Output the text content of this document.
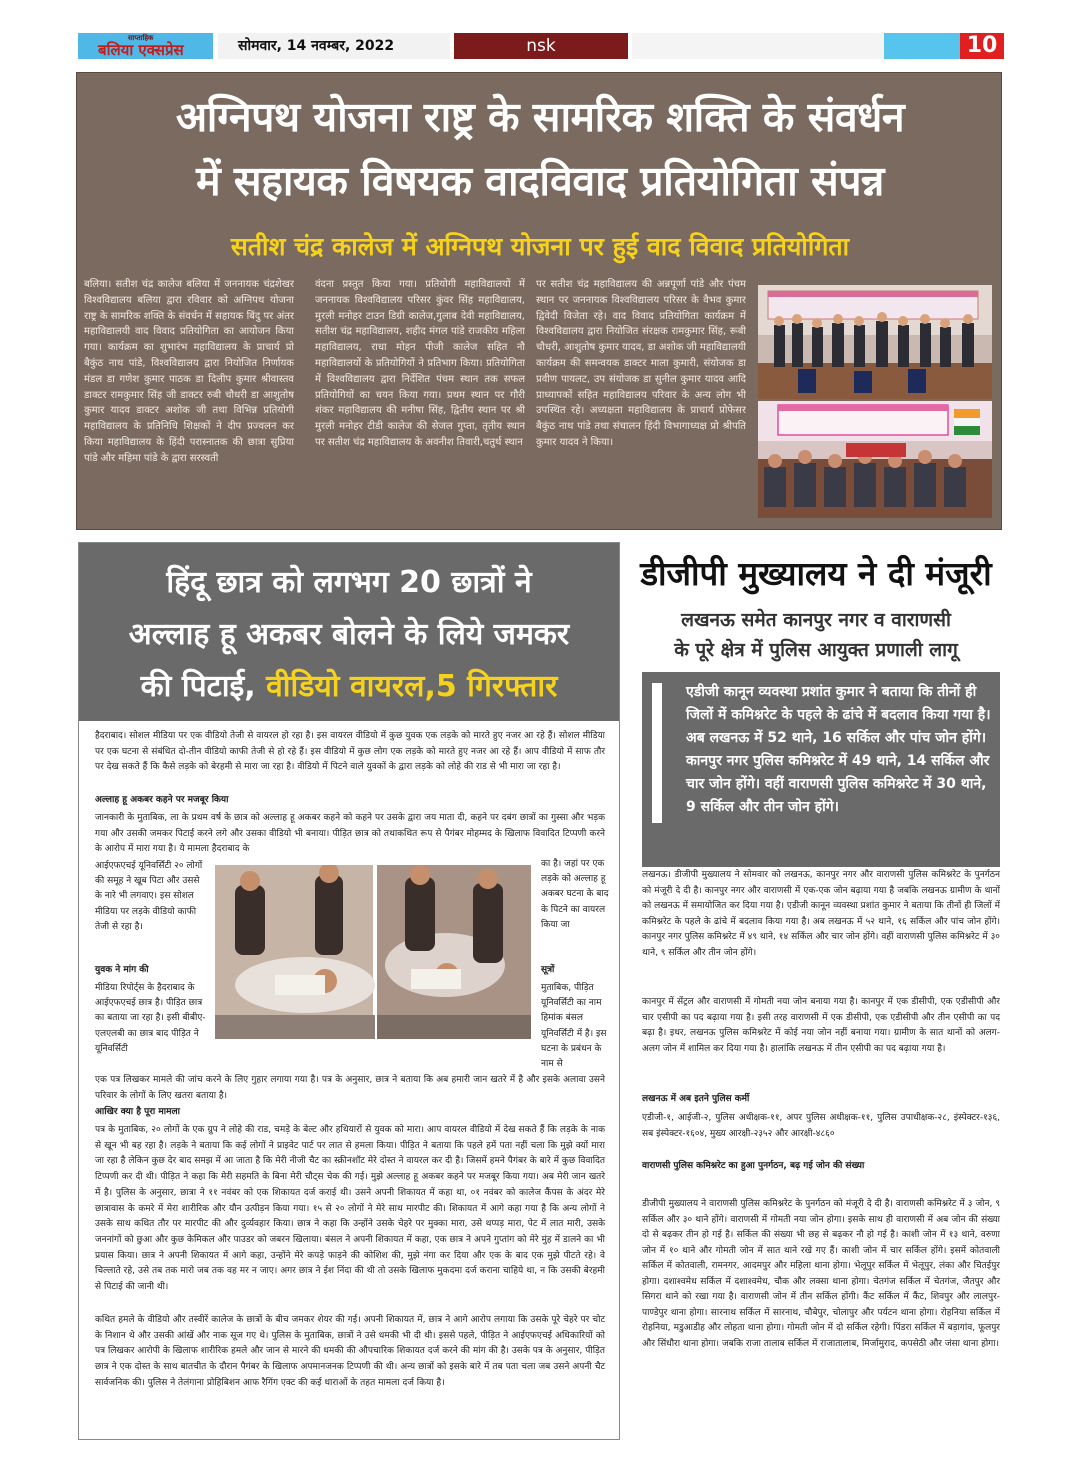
साप्ताहिक
बलिया एक्सप्रेस	सोमवार, 14 नवम्बर, 2022	nsk	10
अग्निपथ योजना राष्ट्र के सामरिक शक्ति के संवर्धन
में सहायक विषयक वादविवाद प्रतियोगिता संपन्न
सतीश चंद्र कालेज में अग्निपथ योजना पर हुई वाद विवाद प्रतियोगिता
बलिया। सतीश चंद्र कालेज बलिया में जननायक चंद्रशेखर विश्वविद्यालय बलिया द्वारा रविवार को अग्निपथ योजना राष्ट्र के सामरिक शक्ति के संवर्धन में सहायक बिंदु पर अंतर महाविद्यालयी वाद विवाद प्रतियोगिता का आयोजन किया गया। कार्यक्रम का शुभारंभ महाविद्यालय के प्राचार्य प्रो बैकुंठ नाथ पांडे, विश्वविद्यालय द्वारा नियोजित निर्णायक मंडल डा गणेश कुमार पाठक डा दिलीप कुमार श्रीवास्तव डाक्टर रामकुमार सिंह जी डाक्टर रुबी चौधरी डा आशुतोष कुमार यादव डाक्टर अशोक जी तथा विभिन्न प्रतियोगी महाविद्यालय के प्रतिनिधि शिक्षकों ने दीप प्रज्वलन कर किया महाविद्यालय के हिंदी परास्नातक की छात्रा सुप्रिया पांडे और महिमा पांडे के द्वारा सरस्वती
वंदना प्रस्तुत किया गया। प्रतियोगी महाविद्यालयों में जननायक विश्वविद्यालय परिसर कुंवर सिंह महाविद्यालय, मुरली मनोहर टाउन डिग्री कालेज,गुलाब देवी महाविद्यालय, सतीश चंद्र महाविद्यालय, शहीद मंगल पांडे राजकीय महिला महाविद्यालय, राधा मोहन पीजी कालेज सहित नौ महाविद्यालयों के प्रतियोगियों ने प्रतिभाग किया। प्रतियोगिता में विश्वविद्यालय द्वारा निर्देशित पंचम स्थान तक सफल प्रतियोगियों का चयन किया गया। प्रथम स्थान पर गौरी शंकर महाविद्यालय की मनीषा सिंह, द्वितीय स्थान पर श्री मुरली मनोहर टीडी कालेज की सेजल गुप्ता, तृतीय स्थान पर सतीश चंद्र महाविद्यालय के अवनीश तिवारी,चतुर्थ स्थान
पर सतीश चंद्र महाविद्यालय की अन्नपूर्णा पांडे और पंचम स्थान पर जननायक विश्वविद्यालय परिसर के वैभव कुमार द्विवेदी विजेता रहे। वाद विवाद प्रतियोगिता कार्यक्रम में विश्वविद्यालय द्वारा नियोजित संरक्षक रामकुमार सिंह, रूबी चौधरी, आशुतोष कुमार यादव, डा अशोक जी महाविद्यालयी कार्यक्रम की समन्वयक डाक्टर माला कुमारी, संयोजक डा प्रवीण पायलट, उप संयोजक डा सुनील कुमार यादव आदि प्राध्यापकों सहित महाविद्यालय परिवार के अन्य लोग भी उपस्थित रहे। अध्यक्षता महाविद्यालय के प्राचार्य प्रोफेसर बैकुंठ नाथ पांडे तथा संचालन हिंदी विभागाध्यक्ष प्रो श्रीपति कुमार यादव ने किया।
हिंदू छात्र को लगभग 20 छात्रों ने
अल्लाह हू अकबर बोलने के लिये जमकर
की पिटाई, वीडियो वायरल,5 गिरफ्तार
हैदराबाद। सोशल मीडिया पर एक वीडियो तेजी से वायरल हो रहा है। इस वायरल वीडियो में कुछ युवक एक लड़के को मारते हुए नजर आ रहे हैं। सोशल मीडिया पर एक घटना से संबंधित दो-तीन वीडियो काफी तेजी से हो रहे हैं। इस वीडियो में कुछ लोग एक लड़के को मारते हुए नजर आ रहे हैं। आप वीडियो में साफ तौर पर देख सकते हैं कि कैसे लड़के को बेरहमी से मारा जा रहा है। वीडियो में पिटने वाले युवकों के द्वारा लड़के को लोहे की राड से भी मारा जा रहा है।
अल्लाह हू अकबर कहने पर मजबूर किया
जानकारी के मुताबिक, ला के प्रथम वर्ष के छात्र को अल्लाह हू अकबर कहने को कहने पर उसके द्वारा जय माता दी, कहने पर दबंग छात्रों का गुस्सा और भड़क गया और उसकी जमकर पिटाई करने लगे और उसका वीडियो भी बनाया। पीड़ित छात्र को तथाकथित रूप से पैगंबर मोहम्मद के खिलाफ विवादित टिप्पणी करने के आरोप में मारा गया है। ये मामला हैदराबाद के
आईएफएचई यूनिवर्सिटी २० लोगों की समूह ने खूब पिटा और उससे के नारे भी लगवाए। इस सोशल मीडिया पर लड़के वीडियो काफी तेजी से रहा है।
का है। जहां पर एक लड़के को अल्लाह हू अकबर घटना के बाद के पिटने का वायरल किया जा
युवक ने मांग की
मीडिया रिपोर्ट्स के हैदराबाद के आईएफएचई छात्र है। पीड़ित छात्र का बताया जा रहा है। इसी बीबीए-एलएलबी का छात्र बाद पीड़ित ने यूनिवर्सिटी
सूत्रों
मुताबिक, पीड़ित यूनिवर्सिटी का नाम हिमांक बंसल यूनिवर्सिटी में है। इस घटना के प्रबंधन के नाम से
एक पत्र लिखकर मामले की जांच करने के लिए गुहार लगाया गया है। पत्र के अनुसार, छात्र ने बताया कि अब हमारी जान खतरे में है और इसके अलावा उसने परिवार के लोगों के लिए खतरा बताया है।
आखिर क्या है पूरा मामला
पत्र के मुताबिक, २० लोगों के एक ग्रुप ने लोहे की राड, चमड़े के बेल्ट और हथियारों से युवक को मारा। आप वायरल वीडियो में देख सकते हैं कि लड़के के नाक से खून भी बह रहा है। लड़के ने बताया कि कई लोगों ने प्राइवेट पार्ट पर लात से हमला किया। पीड़ित ने बताया कि पहले हमें पता नहीं चला कि मुझे क्यों मारा जा रहा है लेकिन कुछ देर बाद समझ में आ जाता है कि मेरी नीजी चैट का स्क्रीनशॉट मेरे दोस्त ने वायरल कर दी है। जिसमें हमने पैगंबर के बारे में कुछ विवादित टिप्पणी कर दी थी। पीड़ित ने कहा कि मेरी सहमति के बिना मेरी चौट्स चेक की गई। मुझे अल्लाह हू अकबर कहने पर मजबूर किया गया। अब मेरी जान खतरे में है। पुलिस के अनुसार, छात्रा ने ११ नवंबर को एक शिकायत दर्ज कराई थी। उसने अपनी शिकायत में कहा था, ०१ नवंबर को कालेज कैंपस के अंदर मेरे छात्रावास के कमरे में मेरा शारीरिक और यौन उत्पीड़न किया गया। १५ से २० लोगों ने मेरे साथ मारपीट की। शिकायत में आगे कहा गया है कि अन्य लोगों ने उसके साथ कथित तौर पर मारपीट की और दुर्व्यवहार किया। छात्र ने कहा कि उन्होंने उसके चेहरे पर मुक्का मारा, उसे थप्पड़ मारा, पेट में लात मारी, उसके जननांगों को छुआ और कुछ केमिकल और पाउडर को जबरन खिलाया। बंसल ने अपनी शिकायत में कहा, एक छात्र ने अपने गुप्तांग को मेरे मुंह में डालने का भी प्रयास किया। छात्र ने अपनी शिकायत में आगे कहा, उन्होंने मेरे कपड़े फाड़ने की कोशिश की, मुझे नंगा कर दिया और एक के बाद एक मुझे पीटते रहे। वे चिल्लाते रहे, उसे तब तक मारो जब तक वह मर न जाए। अगर छात्र ने ईश निंदा की थी तो उसके खिलाफ मुकदमा दर्ज कराना चाहिये था, न कि उसकी बेरहमी से पिटाई की जानी थी।
कथित हमले के वीडियो और तस्वीरें कालेज के छात्रों के बीच जमकर शेयर की गई। अपनी शिकायत में, छात्र ने आगे आरोप लगाया कि उसके पूरे चेहरे पर चोट के निशान थे और उसकी आंखें और नाक सूज गए थे। पुलिस के मुताबिक, छात्रों ने उसे धमकी भी दी थी। इससे पहले, पीड़ित ने आईएफएचई अधिकारियों को पत्र लिखकर आरोपी के खिलाफ शारीरिक हमले और जान से मारने की धमकी की औपचारिक शिकायत दर्ज करने की मांग की है। उसके पत्र के अनुसार, पीड़ित छात्र ने एक दोस्त के साथ बातचीत के दौरान पैगंबर के खिलाफ अपमानजनक टिप्पणी की थी। अन्य छात्रों को इसके बारे में तब पता चला जब उसने अपनी चैट सार्वजनिक की। पुलिस ने तेलंगाना प्रोहिबिशन आफ रैगिंग एक्ट की कई धाराओं के तहत मामला दर्ज किया है।
डीजीपी मुख्यालय ने दी मंजूरी
लखनऊ समेत कानपुर नगर व वाराणसी
के पूरे क्षेत्र में पुलिस आयुक्त प्रणाली लागू
एडीजी कानून व्यवस्था प्रशांत कुमार ने बताया कि तीनों ही जिलों में कमिश्नरेट के पहले के ढांचे में बदलाव किया गया है। अब लखनऊ में 52 थाने, 16 सर्किल और पांच जोन होंगे। कानपुर नगर पुलिस कमिश्नरेट में 49 थाने, 14 सर्किल और चार जोन होंगे। वहीं वाराणसी पुलिस कमिश्नरेट में 30 थाने, 9 सर्किल और तीन जोन होंगे।
लखनऊ। डीजीपी मुख्यालय ने सोमवार को लखनऊ, कानपुर नगर और वाराणसी पुलिस कमिश्नरेट के पुनर्गठन को मंजूरी दे दी है। कानपुर नगर और वाराणसी में एक-एक जोन बढ़ाया गया है जबकि लखनऊ ग्रामीण के थानों को लखनऊ में समायोजित कर दिया गया है। एडीजी कानून व्यवस्था प्रशांत कुमार ने बताया कि तीनों ही जिलों में कमिश्नरेट के पहले के ढांचे में बदलाव किया गया है। अब लखनऊ में ५२ थाने, १६ सर्किल और पांच जोन होंगे। कानपुर नगर पुलिस कमिश्नरेट में ४९ थाने, १४ सर्किल और चार जोन होंगे। वहीं वाराणसी पुलिस कमिश्नरेट में ३० थाने, ९ सर्किल और तीन जोन होंगे।
कानपुर में सेंट्रल और वाराणसी में गोमती नया जोन बनाया गया है। कानपुर में एक डीसीपी, एक एडीसीपी और चार एसीपी का पद बढ़ाया गया है। इसी तरह वाराणसी में एक डीसीपी, एक एडीसीपी और तीन एसीपी का पद बढ़ा है। इधर, लखनऊ पुलिस कमिश्नरेट में कोई नया जोन नहीं बनाया गया। ग्रामीण के सात थानों को अलग-अलग जोन में शामिल कर दिया गया है। हालांकि लखनऊ में तीन एसीपी का पद बढ़ाया गया है।
लखनऊ में अब इतने पुलिस कर्मी
एडीजी-१, आईजी-२, पुलिस अधीक्षक-११, अपर पुलिस अधीक्षक-११, पुलिस उपाधीक्षक-२८, इंस्पेक्टर-१३६, सब इंस्पेक्टर-१६०४, मुख्य आरक्षी-२३५२ और आरक्षी-४८६०
वाराणसी पुलिस कमिश्नरेट का हुआ पुनर्गठन, बढ़ गई जोन की संख्या
डीजीपी मुख्यालय ने वाराणसी पुलिस कमिश्नरेट के पुनर्गठन को मंजूरी दे दी है। वाराणसी कमिश्नरेट में ३ जोन, ९ सर्किल और ३० थाने होंगे। वाराणसी में गोमती नया जोन होगा। इसके साथ ही वाराणसी में अब जोन की संख्या दो से बढ़कर तीन हो गई है। सर्किल की संख्या भी छह से बढ़कर नौ हो गई है। काशी जोन में १३ थाने, वरुणा जोन में १० थाने और गोमती जोन में सात थाने रखे गए हैं। काशी जोन में चार सर्किल होंगे। इसमें कोतवाली सर्किल में कोतवाली, रामनगर, आदमपुर और महिला थाना होगा। भेलूपुर सर्किल में भेलूपुर, लंका और चितईपुर होगा। दशाश्वमेध सर्किल में दशाश्वमेध, चौक और लक्सा थाना होगा। चेतगंज सर्किल में चेतगंज, जैतपुर और सिगरा थाने को रखा गया है। वाराणसी जोन में तीन सर्किल होंगी। कैंट सर्किल में कैंट, शिवपुर और लालपुर-पाण्डेपुर थाना होगा। सारनाथ सर्किल में सारनाथ, चौबेपुर, चोलापुर और पर्यटन थाना होगा। रोहनिया सर्किल में रोहनिया, मडुआडीह और लोहता थाना होगा। गोमती जोन में दो सर्किल रहेगी। पिंडरा सर्किल में बड़ागांव, फूलपुर और सिंधौरा थाना होगा। जबकि राजा तालाब सर्किल में राजातालाब, मिर्जामुराद, कपसेठी और जंसा थाना होगा।
